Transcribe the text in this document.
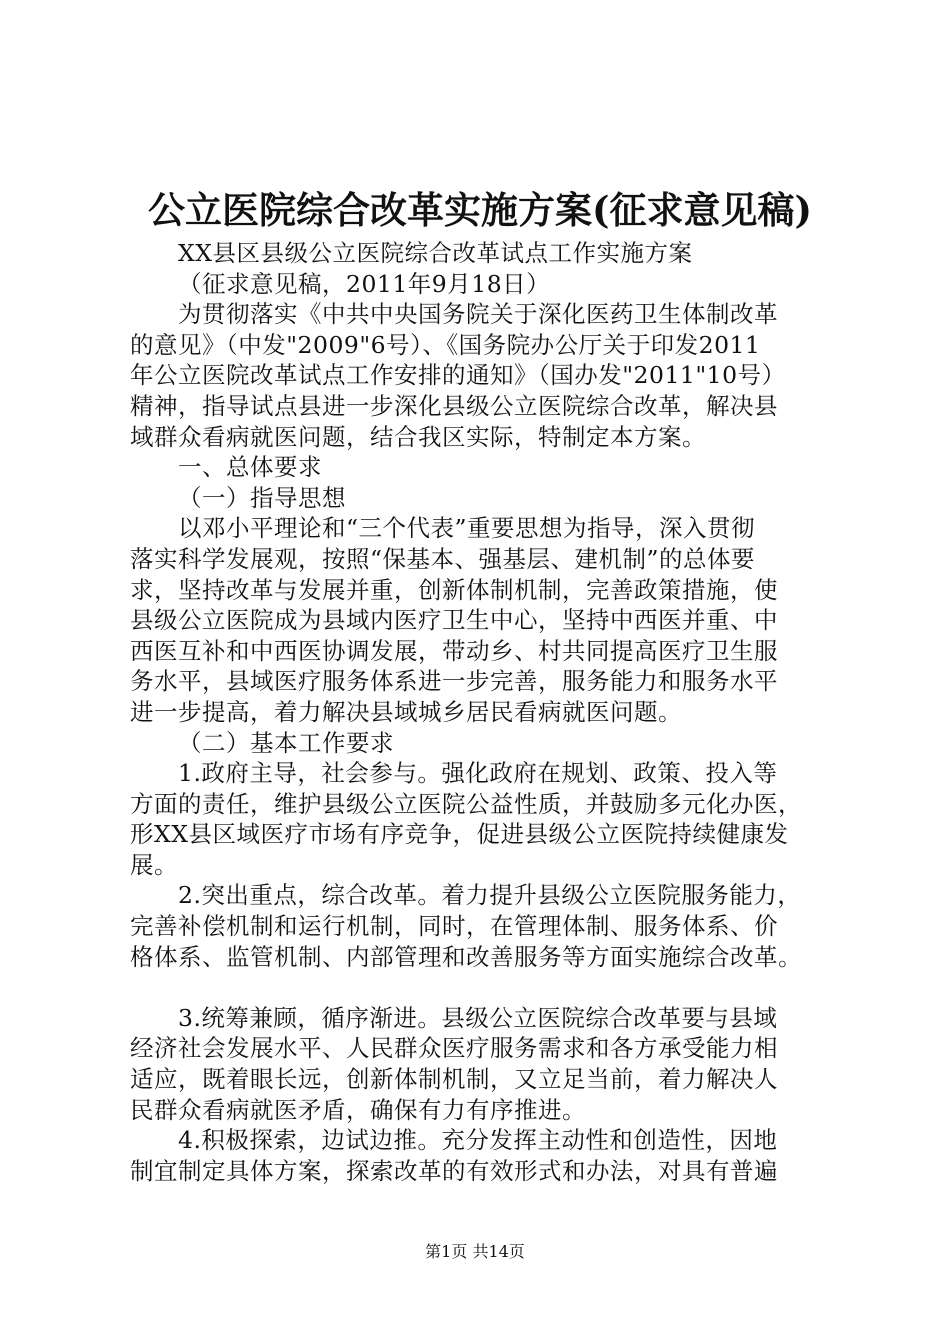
公立医院综合改革实施方案(征求意见稿)
XX县区县级公立医院综合改革试点工作实施方案
（征求意见稿，2011年9月18日）
为贯彻落实《中共中央国务院关于深化医药卫生体制改革
的意见》（中发"2009"6号）、《国务院办公厅关于印发2011
年公立医院改革试点工作安排的通知》（国办发"2011"10号）
精神，指导试点县进一步深化县级公立医院综合改革，解决县
域群众看病就医问题，结合我区实际，特制定本方案。
一、总体要求
（一）指导思想
以邓小平理论和“三个代表”重要思想为指导，深入贯彻
落实科学发展观，按照“保基本、强基层、建机制”的总体要
求，坚持改革与发展并重，创新体制机制，完善政策措施，使
县级公立医院成为县域内医疗卫生中心，坚持中西医并重、中
西医互补和中西医协调发展，带动乡、村共同提高医疗卫生服
务水平，县域医疗服务体系进一步完善，服务能力和服务水平
进一步提高，着力解决县域城乡居民看病就医问题。
（二）基本工作要求
1.政府主导，社会参与。强化政府在规划、政策、投入等
方面的责任，维护县级公立医院公益性质，并鼓励多元化办医，
形XX县区域医疗市场有序竞争，促进县级公立医院持续健康发
展。
2.突出重点，综合改革。着力提升县级公立医院服务能力，
完善补偿机制和运行机制，同时，在管理体制、服务体系、价
格体系、监管机制、内部管理和改善服务等方面实施综合改革。
3.统筹兼顾，循序渐进。县级公立医院综合改革要与县域
经济社会发展水平、人民群众医疗服务需求和各方承受能力相
适应，既着眼长远，创新体制机制，又立足当前，着力解决人
民群众看病就医矛盾，确保有力有序推进。
4.积极探索，边试边推。充分发挥主动性和创造性，因地
制宜制定具体方案，探索改革的有效形式和办法，对具有普遍
第1页 共14页
